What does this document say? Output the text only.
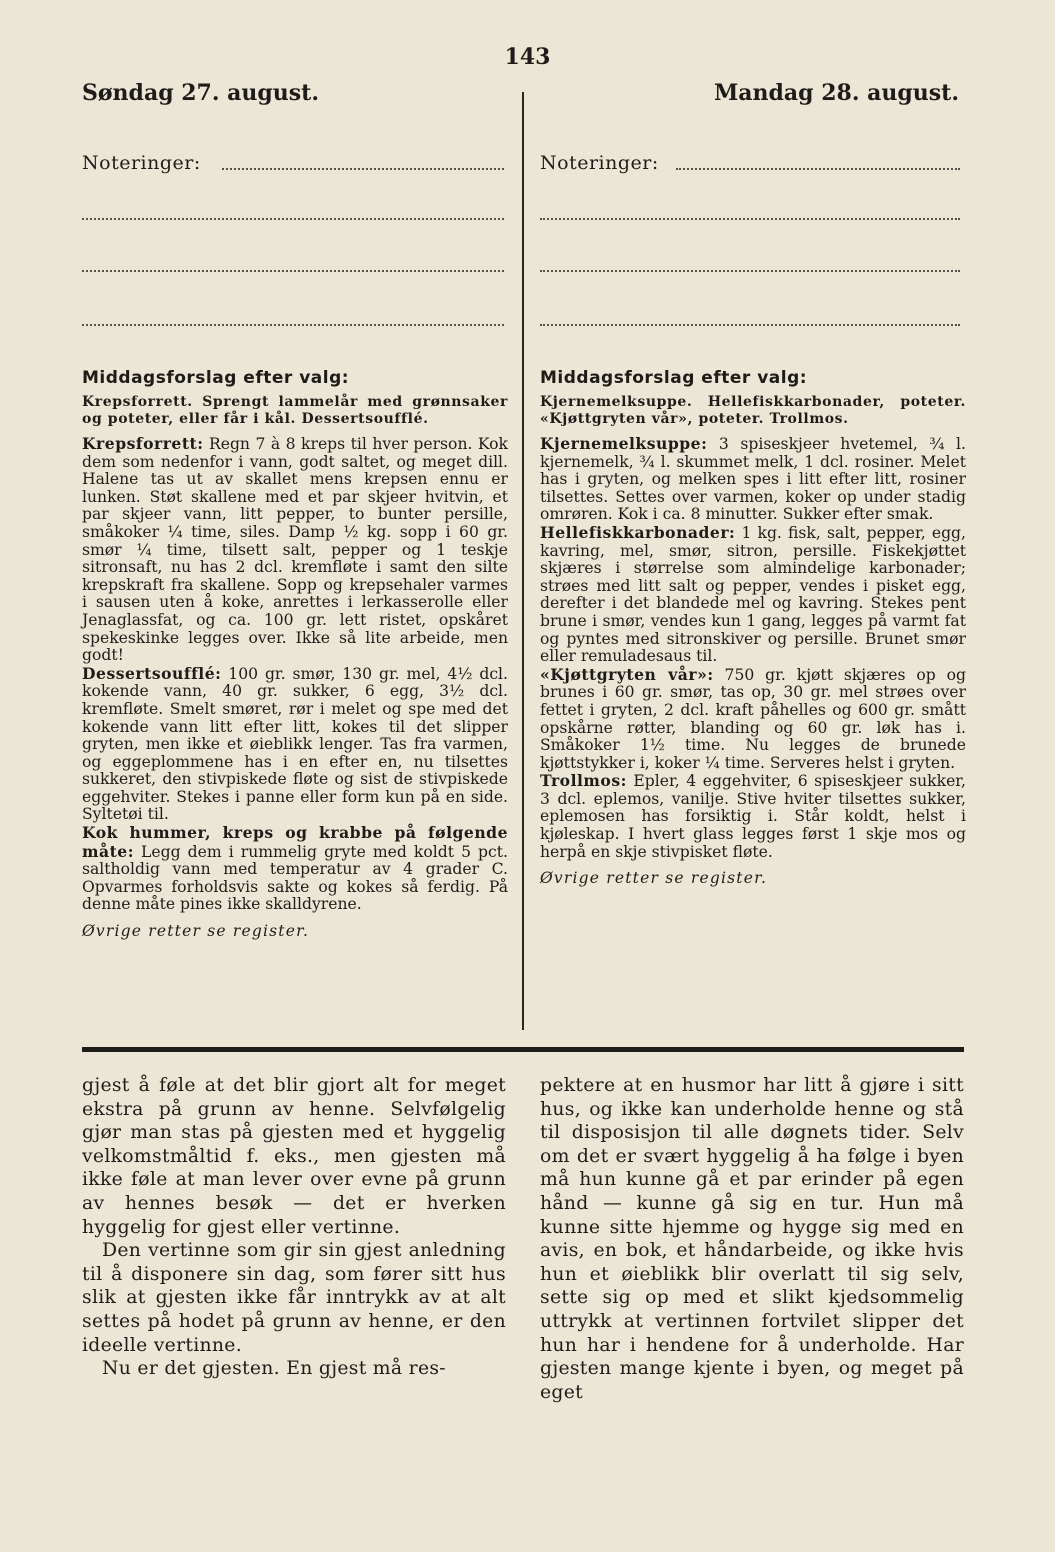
143
Søndag 27. august.	Mandag 28. august.
Noteringer:	Noteringer:
Middagsforslag efter valg:
Krepsforrett. Sprengt lammelår med grønnsaker og poteter, eller får i kål. Dessertsoufflé.

Krepsforrett: Regn 7 à 8 kreps til hver person. Kok dem som nedenfor i vann, godt saltet, og meget dill. Halene tas ut av skallet mens krepsen ennu er lunken. Støt skallene med et par skjeer hvitvin, et par skjeer vann, litt pepper, to bunter persille, småkoker ¼ time, siles. Damp ½ kg. sopp i 60 gr. smør ¼ time, tilsett salt, pepper og 1 teskje sitronsaft, nu has 2 dcl. kremfløte i samt den silte krepskraft fra skallene. Sopp og krepsehaler varmes i sausen uten å koke, anrettes i lerkasserolle eller Jenaglassfat, og ca. 100 gr. lett ristet, opskåret spekeskinke legges over. Ikke så lite arbeide, men godt!

Dessertsoufflé: 100 gr. smør, 130 gr. mel, 4½ dcl. kokende vann, 40 gr. sukker, 6 egg, 3½ dcl. kremfløte. Smelt smøret, rør i melet og spe med det kokende vann litt efter litt, kokes til det slipper gryten, men ikke et øieblikk lenger. Tas fra varmen, og eggeplommene has i en efter en, nu tilsettes sukkeret, den stivpiskede fløte og sist de stivpiskede eggehviter. Stekes i panne eller form kun på en side. Syltetøi til.

Kok hummer, kreps og krabbe på følgende måte: Legg dem i rummelig gryte med koldt 5 pct. saltholdig vann med temperatur av 4 grader C. Opvarmes forholdsvis sakte og kokes så ferdig. På denne måte pines ikke skalldyrene.

Øvrige retter se register.
Middagsforslag efter valg:
Kjernemelksuppe. Hellefiskkarbonader, poteter. «Kjøttgryten vår», poteter. Trollmos.

Kjernemelksuppe: 3 spiseskjeer hvetemel, ¾ l. kjernemelk, ¾ l. skummet melk, 1 dcl. rosiner. Melet has i gryten, og melken spes i litt efter litt, rosiner tilsettes. Settes over varmen, koker op under stadig omrøren. Kok i ca. 8 minutter. Sukker efter smak.

Hellefiskkarbonader: 1 kg. fisk, salt, pepper, egg, kavring, mel, smør, sitron, persille. Fiskekjøttet skjæres i størrelse som almindelige karbonader; strøes med litt salt og pepper, vendes i pisket egg, derefter i det blandede mel og kavring. Stekes pent brune i smør, vendes kun 1 gang, legges på varmt fat og pyntes med sitronskiver og persille. Brunet smør eller remuladesaus til.

«Kjøttgryten vår»: 750 gr. kjøtt skjæres op og brunes i 60 gr. smør, tas op, 30 gr. mel strøes over fettet i gryten, 2 dcl. kraft påhelles og 600 gr. smått opskårne røtter, blanding og 60 gr. løk has i. Småkoker 1½ time. Nu legges de brunede kjøttstykker i, koker ¼ time. Serveres helst i gryten.

Trollmos: Epler, 4 eggehviter, 6 spiseskjeer sukker, 3 dcl. eplemos, vanilje. Stive hviter tilsettes sukker, eplemosen has forsiktig i. Står koldt, helst i kjøleskap. I hvert glass legges først 1 skje mos og herpå en skje stivpisket fløte.

Øvrige retter se register.

gjest å føle at det blir gjort alt for meget ekstra på grunn av henne. Selvfølgelig gjør man stas på gjesten med et hyggelig velkomstmåltid f. eks., men gjesten må ikke føle at man lever over evne på grunn av hennes besøk — det er hverken hyggelig for gjest eller vertinne.

Den vertinne som gir sin gjest anledning til å disponere sin dag, som fører sitt hus slik at gjesten ikke får inntrykk av at alt settes på hodet på grunn av henne, er den ideelle vertinne.

Nu er det gjesten. En gjest må res-

pektere at en husmor har litt å gjøre i sitt hus, og ikke kan underholde henne og stå til disposisjon til alle døgnets tider. Selv om det er svært hyggelig å ha følge i byen må hun kunne gå et par erinder på egen hånd — kunne gå sig en tur. Hun må kunne sitte hjemme og hygge sig med en avis, en bok, et håndarbeide, og ikke hvis hun et øieblikk blir overlatt til sig selv, sette sig op med et slikt kjedsommelig uttrykk at vertinnen fortvilet slipper det hun har i hendene for å underholde. Har gjesten mange kjente i byen, og meget på eget
